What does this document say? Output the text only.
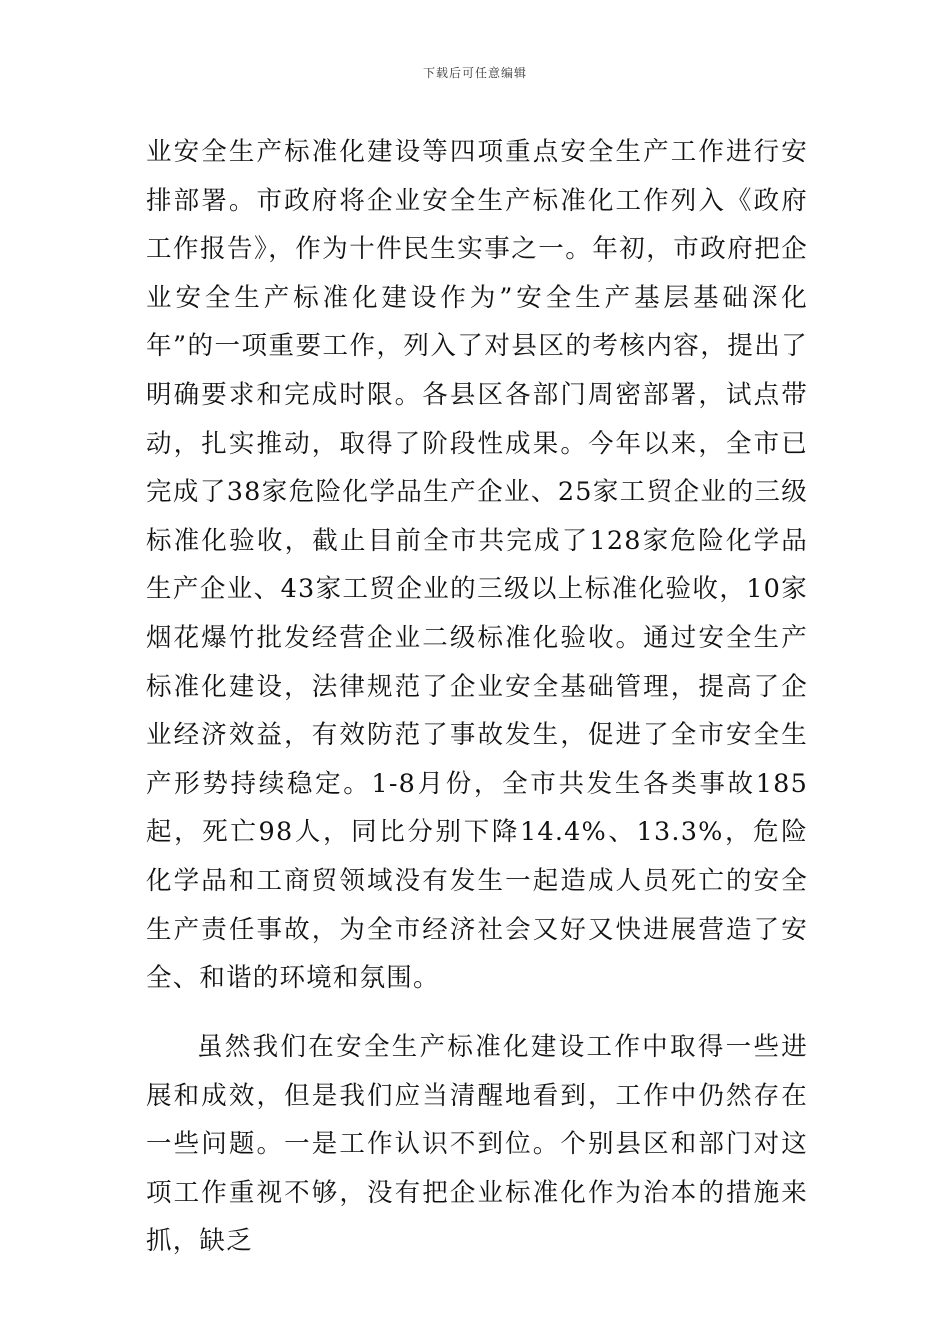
下载后可任意编辑

业安全生产标准化建设等四项重点安全生产工作进行安排部署。市政府将企业安全生产标准化工作列入《政府工作报告》，作为十件民生实事之一。年初，市政府把企业安全生产标准化建设作为”安全生产基层基础深化年”的一项重要工作，列入了对县区的考核内容，提出了明确要求和完成时限。各县区各部门周密部署，试点带动，扎实推动，取得了阶段性成果。今年以来，全市已完成了38家危险化学品生产企业、25家工贸企业的三级标准化验收，截止目前全市共完成了128家危险化学品生产企业、43家工贸企业的三级以上标准化验收，10家烟花爆竹批发经营企业二级标准化验收。通过安全生产标准化建设，法律规范了企业安全基础管理，提高了企业经济效益，有效防范了事故发生，促进了全市安全生产形势持续稳定。1-8月份，全市共发生各类事故185起，死亡98人，同比分别下降14.4%、13.3%，危险化学品和工商贸领域没有发生一起造成人员死亡的安全生产责任事故，为全市经济社会又好又快进展营造了安全、和谐的环境和氛围。

虽然我们在安全生产标准化建设工作中取得一些进展和成效，但是我们应当清醒地看到，工作中仍然存在一些问题。一是工作认识不到位。个别县区和部门对这项工作重视不够，没有把企业标准化作为治本的措施来抓，缺乏
